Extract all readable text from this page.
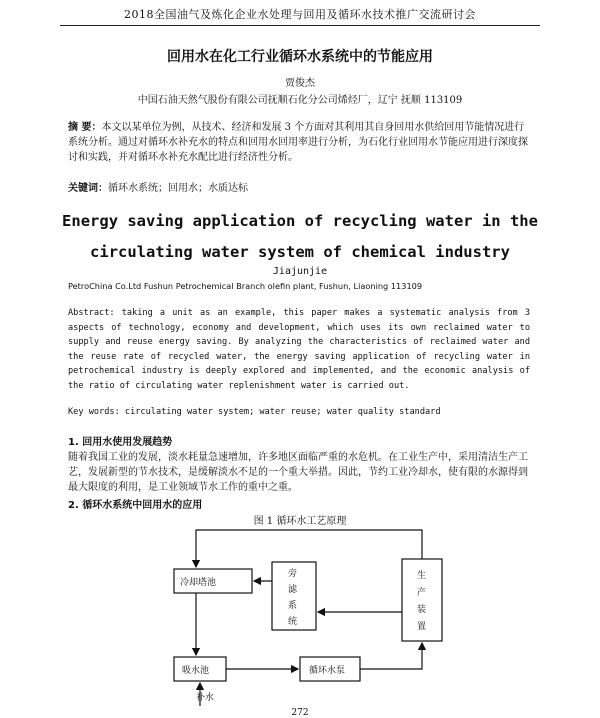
2018全国油气及炼化企业水处理与回用及循环水技术推广交流研讨会
回用水在化工行业循环水系统中的节能应用
贾俊杰
中国石油天然气股份有限公司抚顺石化分公司烯烃厂，辽宁 抚顺 113109
摘 要：本文以某单位为例，从技术、经济和发展 3 个方面对其利用其自身回用水供给回用节能情况进行系统分析。通过对循环水补充水的特点和回用水回用率进行分析，为石化行业回用水节能应用进行深度探讨和实践，并对循环水补充水配比进行经济性分析。
关键词：循环水系统；回用水；水质达标
Energy saving application of recycling water in the
circulating water system of chemical industry
Jiajunjie
PetroChina Co.Ltd Fushun Petrochemical Branch olefin plant, Fushun, Liaoning 113109
Abstract: taking a unit as an example, this paper makes a systematic analysis from 3 aspects of technology, economy and development, which uses its own reclaimed water to supply and reuse energy saving. By analyzing the characteristics of reclaimed water and the reuse rate of recycled water, the energy saving application of recycling water in petrochemical industry is deeply explored and implemented, and the economic analysis of the ratio of circulating water replenishment water is carried out.
Key words: circulating water system; water reuse; water quality standard
1. 回用水使用发展趋势
随着我国工业的发展，淡水耗量急速增加，许多地区面临严重的水危机。在工业生产中，采用清洁生产工艺，发展新型的节水技术，是缓解淡水不足的一个重大举措。因此，节约工业冷却水，使有限的水源得到最大限度的利用，是工业领域节水工作的重中之重。
2. 循环水系统中回用水的应用
图 1 循环水工艺原理
冷却塔池
旁
滤
系
统
生
产
装
置
吸水池	循环水泵
补水
272
